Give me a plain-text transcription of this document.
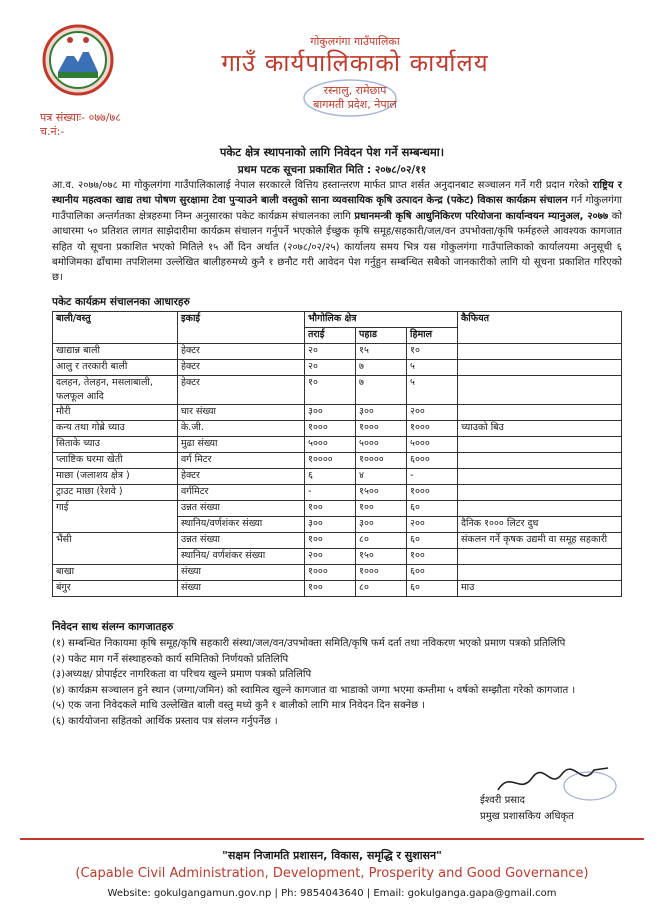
गोकुलगंगा गाउँपालिका
गाउँ कार्यपालिकाको कार्यालय
रस्नालु, रामेछाप
बागमती प्रदेश, नेपाल
पत्र संख्याः- ०७७/७८
च.नं:-
पकेट क्षेत्र स्थापनाको लागि निवेदन पेश गर्ने सम्बन्धमा।
प्रथम पटक सूचना प्रकाशित मिति : २०७८/०२/११
आ.व. २०७७/०७८ मा गोकुलगंगा गाउँपालिकालाई नेपाल सरकारले वित्तिय हस्तान्तरण मार्फत प्राप्त शर्सत अनुदानबाट सञ्चालन गर्ने गरी प्रदान गरेको राष्ट्रिय र स्थानीय महत्वका खाद्य तथा पोषण सुरक्षामा टेवा पुऱ्याउने बाली वस्तुको साना व्यवसायिक कृषि उत्पादन केन्द्र (पकेट) विकास कार्यक्रम संचालन गर्न गोकुलगंगा गाउँपालिका अन्तर्गतका क्षेत्रहरुमा निम्न अनुसारका पकेट कार्यक्रम संचालनका लागि प्रधानमन्त्री कृषि आधुनिकिरण परियोजना कार्यान्वयन म्यानुअल, २०७७ को आधारमा ५० प्रतिशत लागत साझेदारीमा कार्यक्रम संचालन गर्नुपर्ने भएकोले ईच्छुक कृषि समूह/सहकारी/जल/वन उपभोक्ता/कृषि फर्महरुले आवश्यक कागजात सहित यो सूचना प्रकाशित भएको मितिले १५ औं दिन अर्थात (२०७८/०२/२५) कार्यालय समय भित्र यस गोकुलगंगा गाउँपालिकाको कार्यालयमा अनुसूची ६ बमोजिमका ढाँचामा तपशिलमा उल्लेखित बालीहरुमध्ये कुनै १ छनौट गरी आवेदन पेश गर्नुहुन सम्बन्धित सबैको जानकारीको लागि यो सूचना प्रकाशित गरिएको छ।
पकेट कार्यक्रम संचालनका आधारहरु
बाली/वस्तु	इकाई	भौगोलिक क्षेत्र			कैफियत
		तराई	पहाड	हिमाल	
खाद्यान्न बाली	हेक्टर	२०	१५	१०	
आलु र तरकारी बाली	हेक्टर	२०	७	५	
दलहन, तेलहन, मसलाबाली, फलफूल आदि	हेक्टर	१०	७	५	
मौरी	घार संख्या	३००	३००	२००	
कन्य तथा गोब्रे च्याउ	के.जी.	१०००	१०००	१०००	च्याउको बिउ
सिताके च्याउ	मुढा संख्या	५०००	५०००	५०००	
प्लाष्टिक घरमा खेती	वर्ग मिटर	१००००	१००००	६०००	
माछा (जलाशय क्षेत्र )	हेक्टर	६	४	-	
ट्राउट माछा (रेशवे )	वर्गमिटर	-	१५००	१०००	
गाई	उन्नत संख्या	१००	१००	६०	
	स्थानिय/वर्णशंकर संख्या	३००	३००	२००	दैनिक १००० लिटर दुध
भैंसी	उन्नत संख्या	१००	८०	६०	संकलन गर्ने कृषक उद्यमी वा समूह सहकारी
	स्थानिय/ वर्णशंकर संख्या	२००	१५०	१००	
बाखा	संख्या	१०००	१०००	६००	
बंगुर	संख्या	१००	८०	६०	माउ
निवेदन साथ संलग्न कागजातहरु
(१) सम्बन्धित निकायमा कृषि समूह/कृषि सहकारी संस्था/जल/वन/उपभोक्ता समिति/कृषि फर्म दर्ता तथा नविकरण भएको प्रमाण पत्रको प्रतिलिपि
(२) पकेट माग गर्ने संस्थाहरुको कार्य समितिको निर्णयको प्रतिलिपि
(३)अध्यक्ष/ प्रोपाईटर नागरिकता वा परिचय खुल्ने प्रमाण पत्रको प्रतिलिपि
(४) कार्यक्रम सञ्चालन हुने स्थान (जग्गा/जमिन) को स्वामित्व खुल्ने कागजात वा भाडाको जग्गा भएमा कम्तीमा ५ वर्षको सम्झौता गरेको कागजात ।
(५) एक जना निवेदकले माथि उल्लेखित बाली वस्तु मध्ये कुनै १ बालीको लागि मात्र निवेदन दिन सक्नेछ ।
(६) कार्ययोजना सहितको आर्थिक प्रस्ताव पत्र संलग्न गर्नुपर्नेछ ।
ईश्वरी प्रसाद
प्रमुख प्रशासकिय अधिकृत
"सक्षम निजामति प्रशासन, विकास, समृद्धि र सुशासन"
(Capable Civil Administration, Development, Prosperity and Good Governance)
Website: gokulgangamun.gov.np | Ph: 9854043640 | Email: gokulganga.gapa@gmail.com
